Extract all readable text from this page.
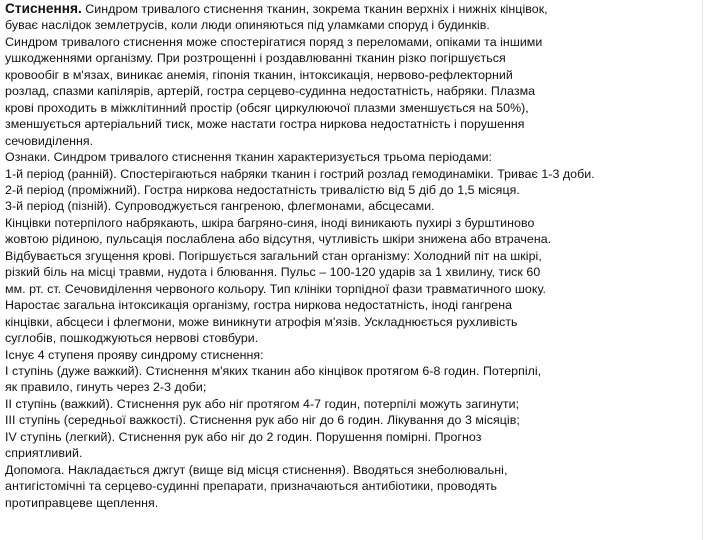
Стиснення. Синдром тривалого стиснення тканин, зокрема тканин верхніх і нижніх кінцівок,
буває наслідок землетрусів, коли люди опиняються під уламками споруд і будинків.
Синдром тривалого стиснення може спостерігатися поряд з переломами, опіками та іншими
ушкодженнями організму. При розтрощенні і роздавлюванні тканин різко погіршується
кровообіг в м'язах, виникає анемія, гіпонія тканин, інтоксикація, нервово-рефлекторний
розлад, спазми капілярів, артерій, гостра серцево-судинна недостатність, набряки. Плазма
крові проходить в міжклітинний простір (обсяг циркулюючої плазми зменшується на 50%),
зменшується артеріальний тиск, може настати гостра ниркова недостатність і порушення
сечовиділення.
Ознаки. Синдром тривалого стиснення тканин характеризується трьома періодами:
1-й період (ранній). Спостерігаються набряки тканин і гострий розлад гемодинаміки. Триває 1-3 доби.
2-й період (проміжний). Гостра ниркова недостатність тривалістю від 5 діб до 1,5 місяця.
3-й період (пізній). Супроводжується гангреною, флегмонами, абсцесами.
Кінцівки потерпілого набрякають, шкіра багряно-синя, іноді виникають пухирі з бурштиново
жовтою рідиною, пульсація послаблена або відсутня, чутливість шкіри знижена або втрачена.
Відбувається згущення крові. Погіршується загальний стан організму: Холодний піт на шкірі,
різкий біль на місці травми, нудота і блювання. Пульс – 100-120 ударів за 1 хвилину, тиск 60
мм. рт. ст. Сечовиділення червоного кольору. Тип клініки торпідної фази травматичного шоку.
Наростає загальна інтоксикація організму, гостра ниркова недостатність, іноді гангрена
кінцівки, абсцеси і флегмони, може виникнути атрофія м'язів. Ускладнюється рухливість
суглобів, пошкоджуються нервові стовбури.
Існує 4 ступеня прояву синдрому стиснення:
І ступінь (дуже важкий). Стиснення м'яких тканин або кінцівок протягом 6-8 годин. Потерпілі,
як правило, гинуть через 2-3 доби;
ІІ ступінь (важкий). Стиснення рук або ніг протягом 4-7 годин, потерпілі можуть загинути;
ІІІ ступінь (середньої важкості). Стиснення рук або ніг до 6 годин. Лікування до 3 місяців;
ІV ступінь (легкий). Стиснення рук або ніг до 2 годин. Порушення помірні. Прогноз
сприятливий.
Допомога. Накладається джгут (вище від місця стиснення). Вводяться знеболювальні,
антигістомічні та серцево-судинні препарати, призначаються антибіотики, проводять
протиправцеве щеплення.
